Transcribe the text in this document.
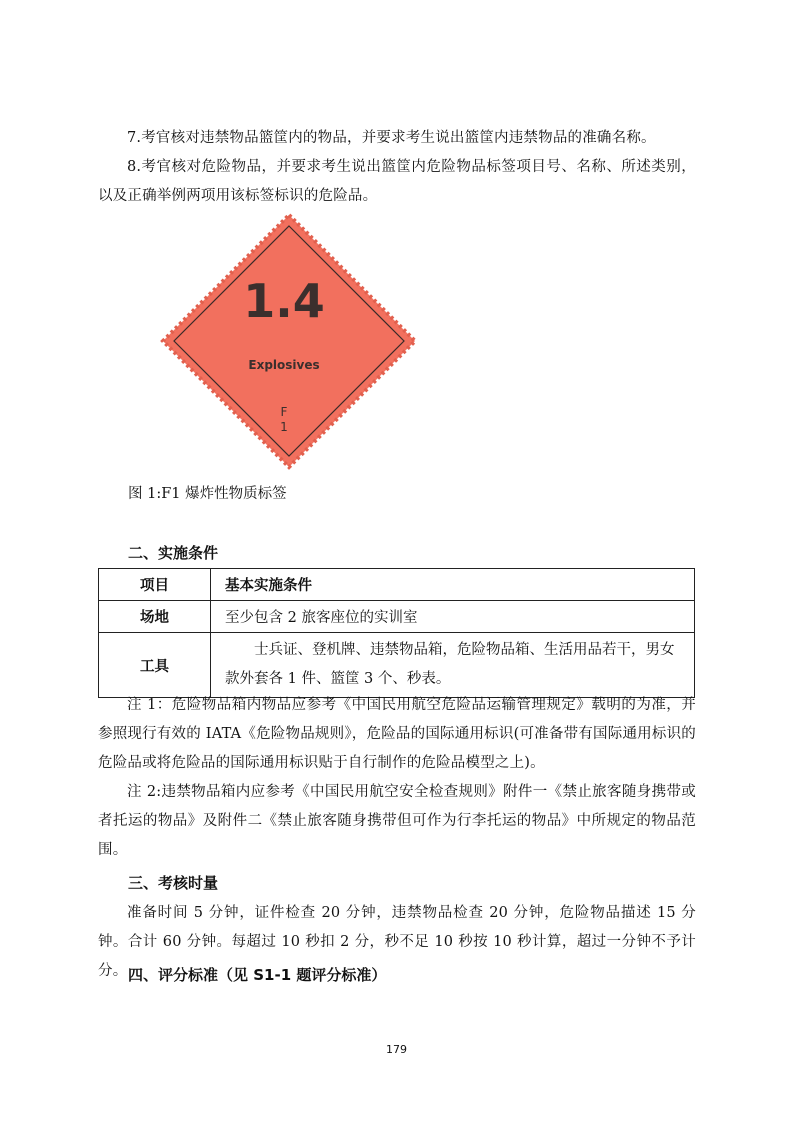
7.考官核对违禁物品篮筐内的物品，并要求考生说出篮筐内违禁物品的准确名称。

8.考官核对危险物品，并要求考生说出篮筐内危险物品标签项目号、名称、所述类别，以及正确举例两项用该标签标识的危险品。

1.4
Explosives
F
1

图 1:F1 爆炸性物质标签

二、实施条件

项目	基本实施条件
场地	至少包含 2 旅客座位的实训室
工具	士兵证、登机牌、违禁物品箱，危险物品箱、生活用品若干，男女款外套各 1 件、篮筐 3 个、秒表。

注 1：危险物品箱内物品应参考《中国民用航空危险品运输管理规定》载明的为准，并参照现行有效的 IATA《危险物品规则》，危险品的国际通用标识(可准备带有国际通用标识的危险品或将危险品的国际通用标识贴于自行制作的危险品模型之上)。

注 2:违禁物品箱内应参考《中国民用航空安全检查规则》附件一《禁止旅客随身携带或者托运的物品》及附件二《禁止旅客随身携带但可作为行李托运的物品》中所规定的物品范围。

三、考核时量

准备时间 5 分钟，证件检查 20 分钟，违禁物品检查 20 分钟，危险物品描述 15 分钟。合计 60 分钟。每超过 10 秒扣 2 分，秒不足 10 秒按 10 秒计算，超过一分钟不予计分。 四、评分标准（见 S1-1 题评分标准）

179
